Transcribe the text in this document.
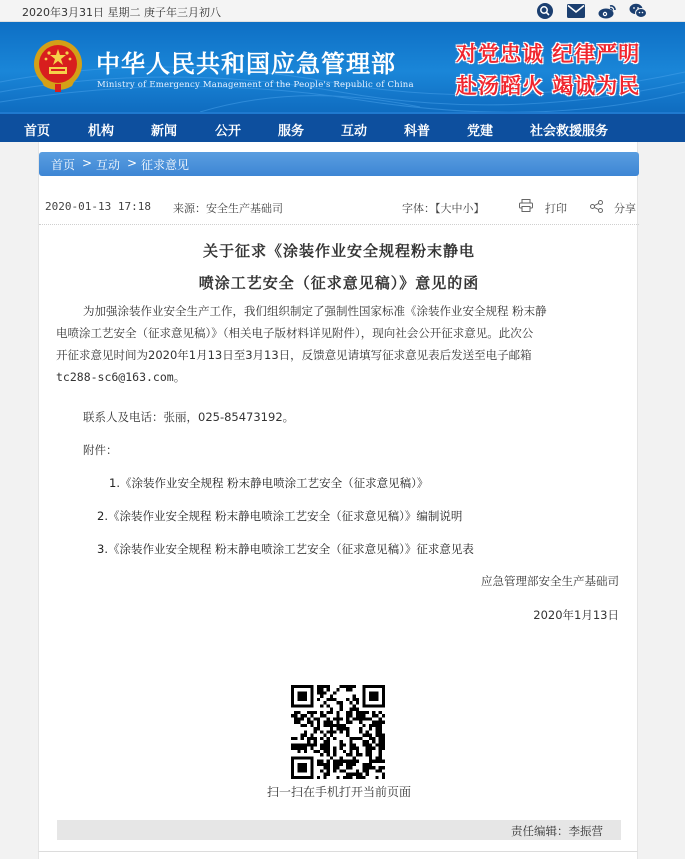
2020年3月31日 星期二 庚子年三月初八
中华人民共和国应急管理部
Ministry of Emergency Management of the People's Republic of China
对党忠诚 纪律严明
赴汤蹈火 竭诚为民
首页	机构	新闻	公开	服务	互动	科普	党建	社会救援服务
首页 > 互动 > 征求意见
2020-01-13 17:18 来源：安全生产基础司	字体：【大中小】	打印	分享
关于征求《涂装作业安全规程粉末静电
喷涂工艺安全（征求意见稿）》意见的函
为加强涂装作业安全生产工作，我们组织制定了强制性国家标准《涂装作业安全规程 粉末静
电喷涂工艺安全（征求意见稿）》（相关电子版材料详见附件），现向社会公开征求意见。此次公
开征求意见时间为2020年1月13日至3月13日，反馈意见请填写征求意见表后发送至电子邮箱
tc288-sc6@163.com。
联系人及电话：张丽，025-85473192。
附件：
1.《涂装作业安全规程 粉末静电喷涂工艺安全（征求意见稿）》
2.《涂装作业安全规程 粉末静电喷涂工艺安全（征求意见稿）》编制说明
3.《涂装作业安全规程 粉末静电喷涂工艺安全（征求意见稿）》征求意见表
应急管理部安全生产基础司
2020年1月13日
扫一扫在手机打开当前页面
责任编辑：李振营
